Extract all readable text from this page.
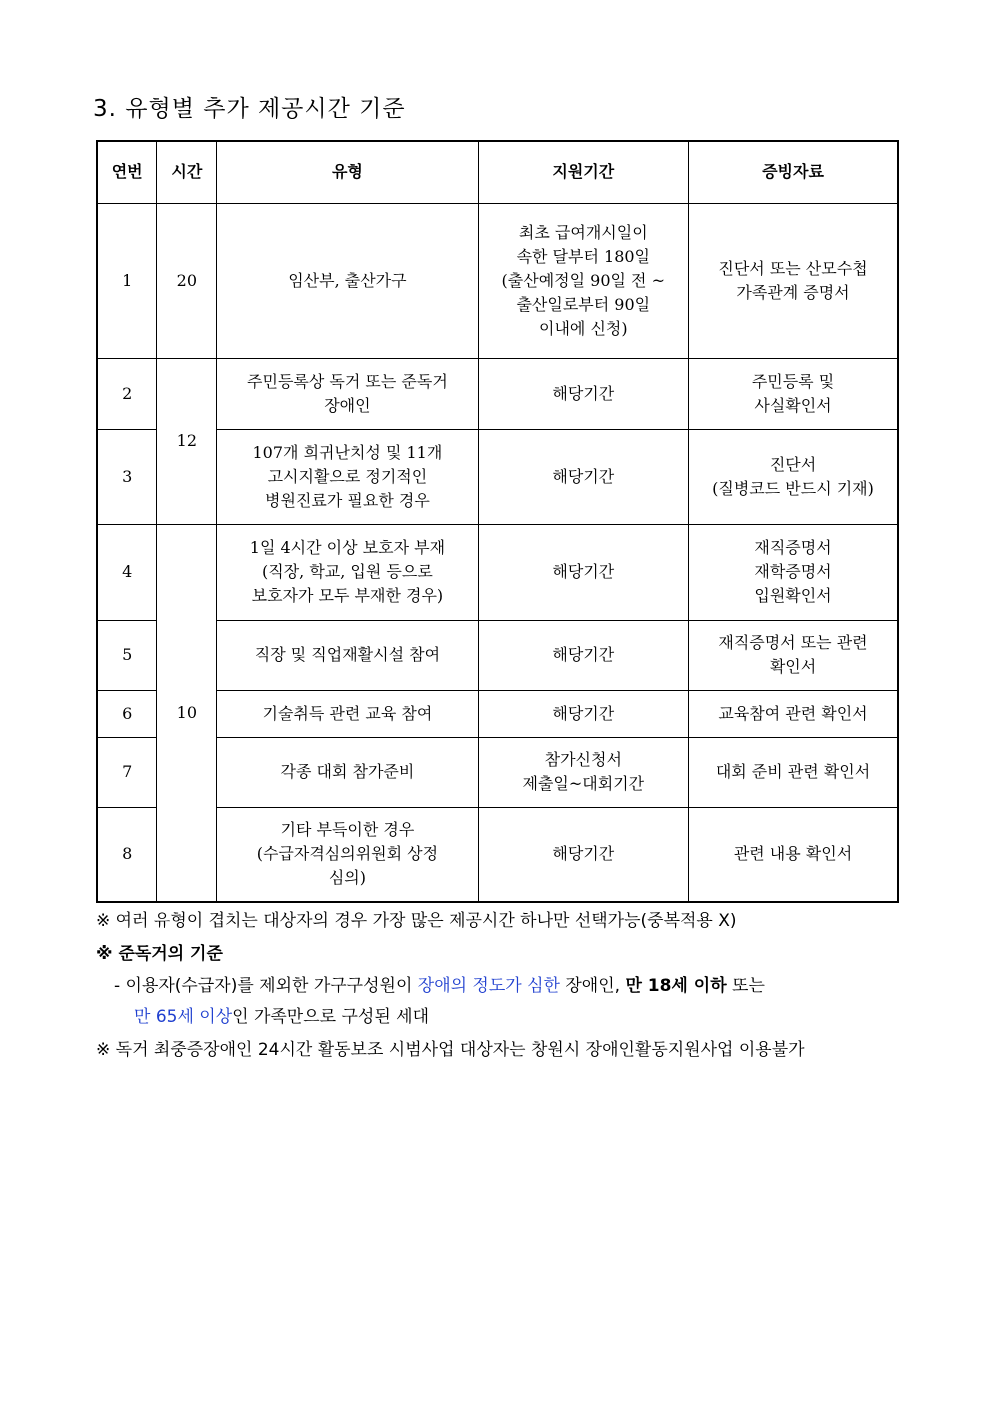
3. 유형별 추가 제공시간 기준
연번	시간	유형	지원기간	증빙자료
1	20	임산부, 출산가구	최초 급여개시일이
속한 달부터 180일
(출산예정일 90일 전 ~
출산일로부터 90일
이내에 신청)	진단서 또는 산모수첩
가족관계 증명서
2	12	주민등록상 독거 또는 준독거
장애인	해당기간	주민등록 및
사실확인서
3		107개 희귀난치성 및 11개
고시지활으로 정기적인
병원진료가 필요한 경우	해당기간	진단서
(질병코드 반드시 기재)
4	10	1일 4시간 이상 보호자 부재
(직장, 학교, 입원 등으로
보호자가 모두 부재한 경우)	해당기간	재직증명서
재학증명서
입원확인서
5		직장 및 직업재활시설 참여	해당기간	재직증명서 또는 관련
확인서
6		기술취득 관련 교육 참여	해당기간	교육참여 관련 확인서
7		각종 대회 참가준비	참가신청서
제출일~대회기간	대회 준비 관련 확인서
8		기타 부득이한 경우
(수급자격심의위원회 상정
심의)	해당기간	관련 내용 확인서
※ 여러 유형이 겹치는 대상자의 경우 가장 많은 제공시간 하나만 선택가능(중복적용 X)
※ 준독거의 기준
- 이용자(수급자)를 제외한 가구구성원이 장애의 정도가 심한 장애인, 만 18세 이하 또는
만 65세 이상인 가족만으로 구성된 세대
※ 독거 최중증장애인 24시간 활동보조 시범사업 대상자는 창원시 장애인활동지원사업 이용불가
